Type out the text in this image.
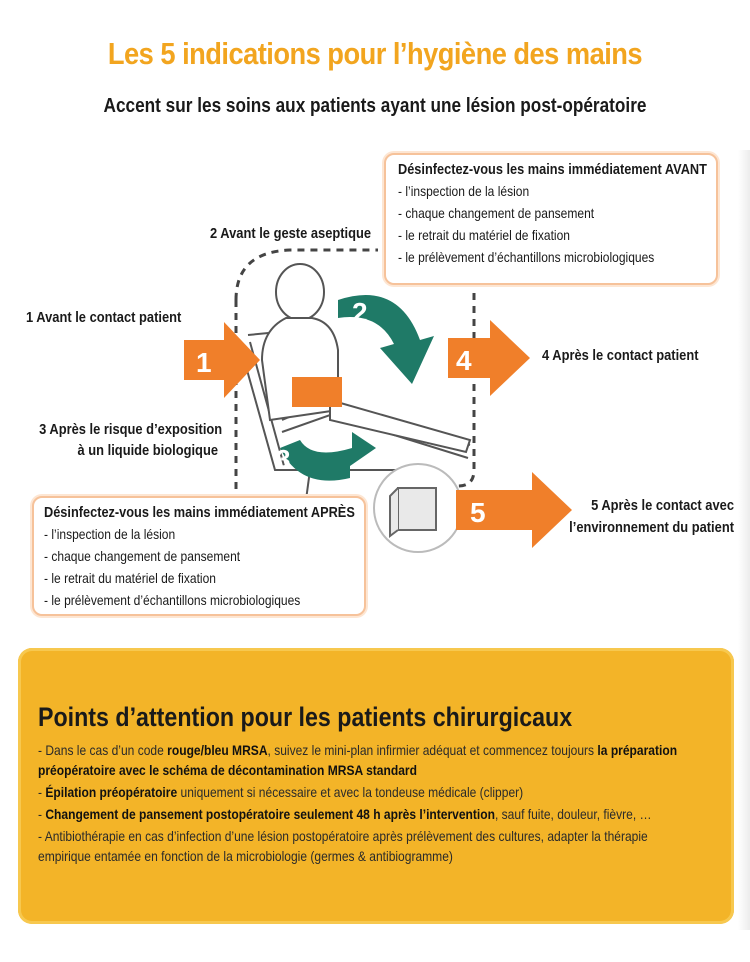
Les 5 indications pour l’hygiène des mains
Accent sur les soins aux patients ayant une lésion post-opératoire
1
2
3
4
5
1 Avant le contact patient
2 Avant le geste aseptique
3 Après le risque d’exposition
à un liquide biologique
4 Après le contact patient
5 Après le contact avec
l’environnement du patient
Désinfectez-vous les mains immédiatement AVANT
- l’inspection de la lésion
- chaque changement de pansement
- le retrait du matériel de fixation
- le prélèvement d’échantillons microbiologiques
Désinfectez-vous les mains immédiatement APRÈS
- l’inspection de la lésion
- chaque changement de pansement
- le retrait du matériel de fixation
- le prélèvement d’échantillons microbiologiques
Points d’attention pour les patients chirurgicaux
- Dans le cas d’un code rouge/bleu MRSA, suivez le mini-plan infirmier adéquat et commencez toujours la préparation
préopératoire avec le schéma de décontamination MRSA standard
- Épilation préopératoire uniquement si nécessaire et avec la tondeuse médicale (clipper)
- Changement de pansement postopératoire seulement 48 h après l’intervention, sauf fuite, douleur, fièvre, …
- Antibiothérapie en cas d’infection d’une lésion postopératoire après prélèvement des cultures, adapter la thérapie
empirique entamée en fonction de la microbiologie (germes & antibiogramme)
